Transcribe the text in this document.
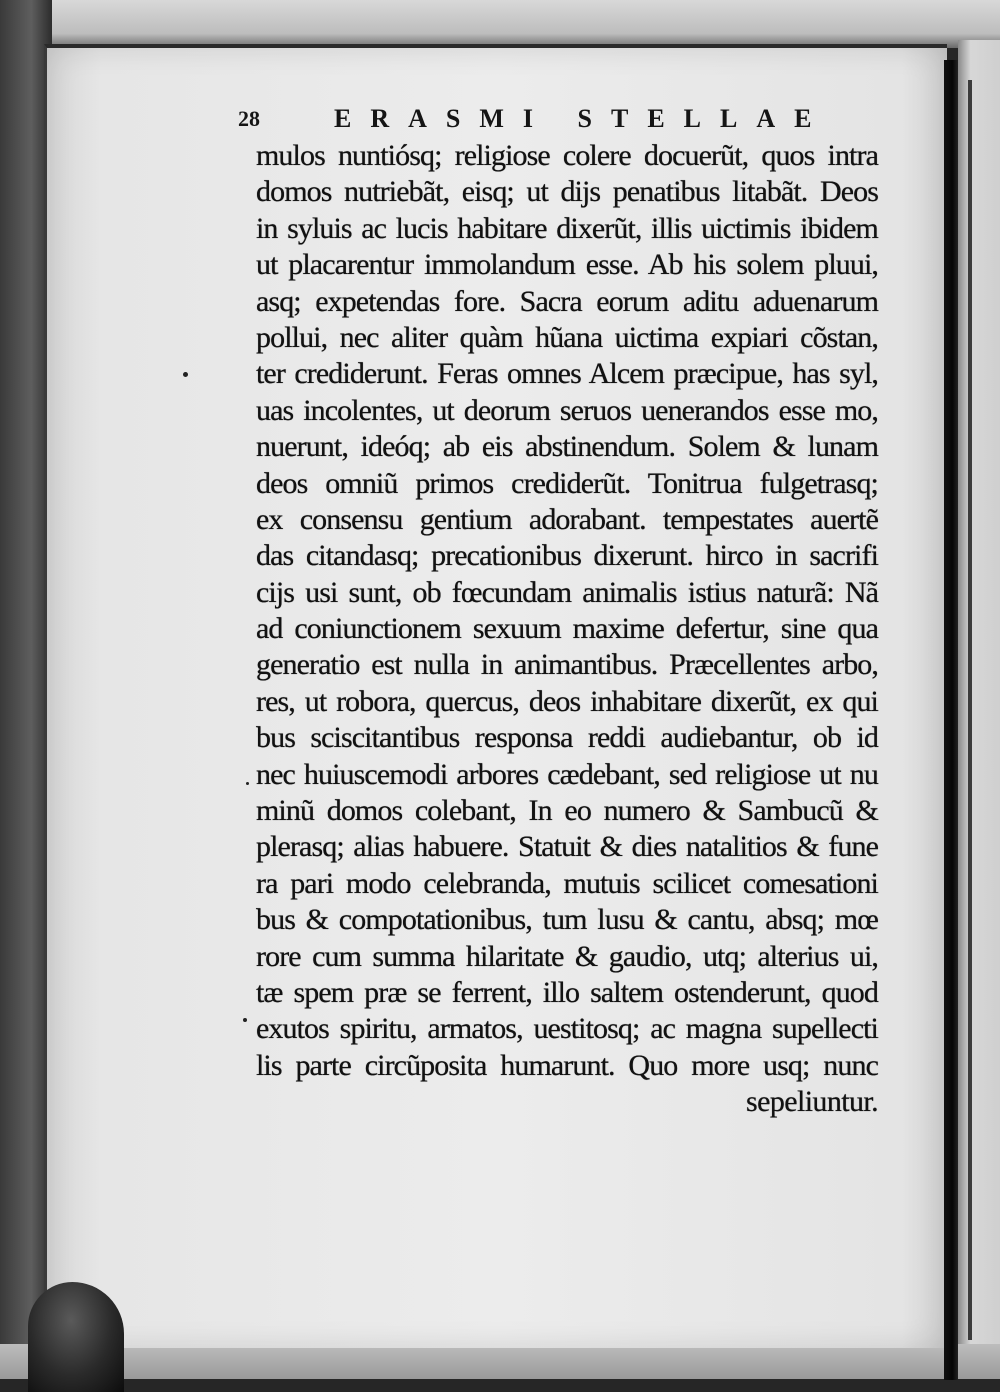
28	ERASMI STELLAE
mulos nuntiósq; religiose colere docuerũt, quos intra
domos nutriebãt, eisq; ut dijs penatibus litabãt. Deos
in syluis ac lucis habitare dixerũt, illis uictimis ibidem
ut placarentur immolandum esse. Ab his solem pluui,
asq; expetendas fore. Sacra eorum aditu aduenarum
pollui, nec aliter quàm hũana uictima expiari cõstan,
ter crediderunt. Feras omnes Alcem præcipue, has syl,
uas incolentes, ut deorum seruos uenerandos esse mo,
nuerunt, ideóq; ab eis abstinendum. Solem & lunam
deos omniũ primos crediderũt. Tonitrua fulgetrasq;
ex consensu gentium adorabant. tempestates auertẽ
das citandasq; precationibus dixerunt. hirco in sacrifi
cijs usi sunt, ob fœcundam animalis istius naturã: Nã
ad coniunctionem sexuum maxime defertur, sine qua
generatio est nulla in animantibus. Præcellentes arbo,
res, ut robora, quercus, deos inhabitare dixerũt, ex qui
bus sciscitantibus responsa reddi audiebantur, ob id
nec huiuscemodi arbores cædebant, sed religiose ut nu
minũ domos colebant, In eo numero & Sambucũ &
plerasq; alias habuere. Statuit & dies natalitios & fune
ra pari modo celebranda, mutuis scilicet comesationi
bus & compotationibus, tum lusu & cantu, absq; mœ
rore cum summa hilaritate & gaudio, utq; alterius ui,
tæ spem præ se ferrent, illo saltem ostenderunt, quod
exutos spiritu, armatos, uestitosq; ac magna supellecti
lis parte circũposita humarunt. Quo more usq; nunc
sepeliuntur.
